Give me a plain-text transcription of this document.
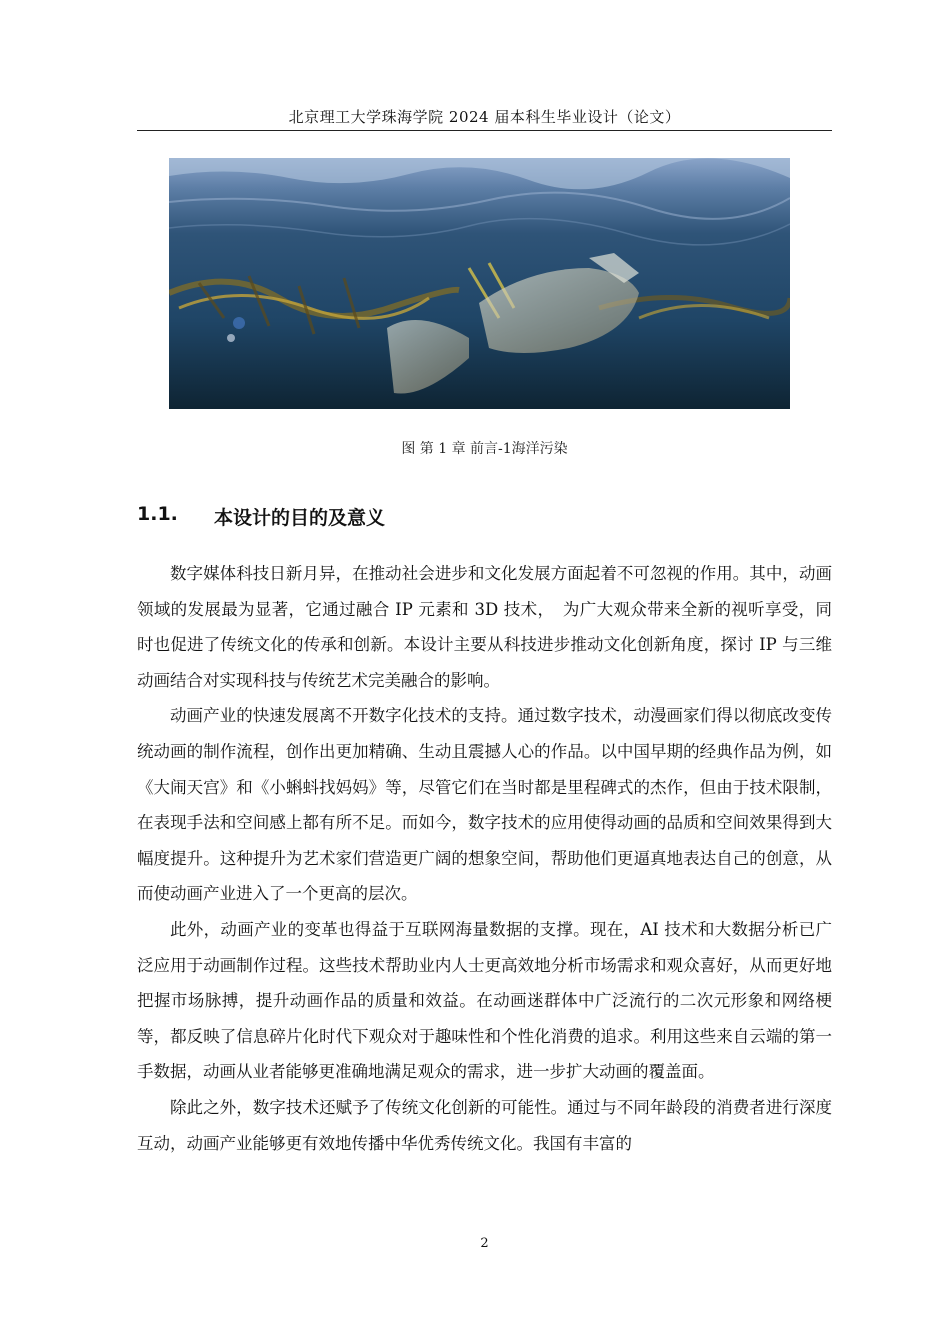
北京理工大学珠海学院 2024 届本科生毕业设计（论文）
图 第 1 章 前言-1海洋污染
1.1. 本设计的目的及意义

数字媒体科技日新月异，在推动社会进步和文化发展方面起着不可忽视的作用。其中，动画领域的发展最为显著，它通过融合 IP 元素和 3D 技术，　为广大观众带来全新的视听享受，同时也促进了传统文化的传承和创新。本设计主要从科技进步推动文化创新角度，探讨 IP 与三维动画结合对实现科技与传统艺术完美融合的影响。

动画产业的快速发展离不开数字化技术的支持。通过数字技术，动漫画家们得以彻底改变传统动画的制作流程，创作出更加精确、生动且震撼人心的作品。以中国早期的经典作品为例，如《大闹天宫》和《小蝌蚪找妈妈》等，尽管它们在当时都是里程碑式的杰作，但由于技术限制，在表现手法和空间感上都有所不足。而如今，数字技术的应用使得动画的品质和空间效果得到大幅度提升。这种提升为艺术家们营造更广阔的想象空间，帮助他们更逼真地表达自己的创意，从而使动画产业进入了一个更高的层次。

此外，动画产业的变革也得益于互联网海量数据的支撑。现在，AI 技术和大数据分析已广泛应用于动画制作过程。这些技术帮助业内人士更高效地分析市场需求和观众喜好，从而更好地把握市场脉搏，提升动画作品的质量和效益。在动画迷群体中广泛流行的二次元形象和网络梗等，都反映了信息碎片化时代下观众对于趣味性和个性化消费的追求。利用这些来自云端的第一手数据，动画从业者能够更准确地满足观众的需求，进一步扩大动画的覆盖面。

除此之外，数字技术还赋予了传统文化创新的可能性。通过与不同年龄段的消费者进行深度互动，动画产业能够更有效地传播中华优秀传统文化。我国有丰富的

2
